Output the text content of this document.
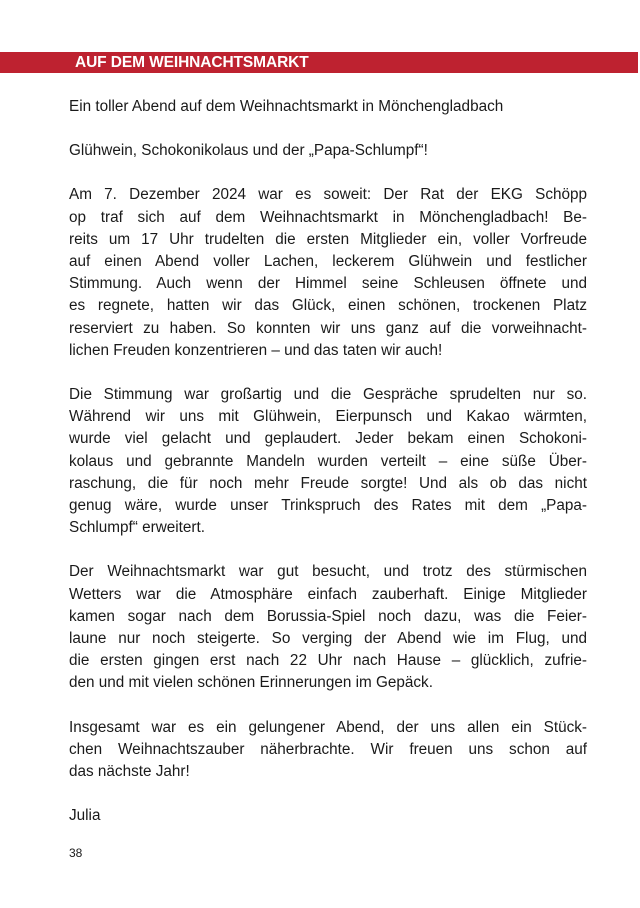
AUF DEM WEIHNACHTSMARKT

Ein toller Abend auf dem Weihnachtsmarkt in Mönchengladbach

Glühwein, Schokonikolaus und der „Papa-Schlumpf“!

Am 7. Dezember 2024 war es soweit: Der Rat der EKG Schöpp
op traf sich auf dem Weihnachtsmarkt in Mönchengladbach! Be-
reits um 17 Uhr trudelten die ersten Mitglieder ein, voller Vorfreude
auf einen Abend voller Lachen, leckerem Glühwein und festlicher
Stimmung. Auch wenn der Himmel seine Schleusen öffnete und
es regnete, hatten wir das Glück, einen schönen, trockenen Platz
reserviert zu haben. So konnten wir uns ganz auf die vorweihnacht-
lichen Freuden konzentrieren – und das taten wir auch!

Die Stimmung war großartig und die Gespräche sprudelten nur so.
Während wir uns mit Glühwein, Eierpunsch und Kakao wärmten,
wurde viel gelacht und geplaudert. Jeder bekam einen Schokoni-
kolaus und gebrannte Mandeln wurden verteilt – eine süße Über-
raschung, die für noch mehr Freude sorgte! Und als ob das nicht
genug wäre, wurde unser Trinkspruch des Rates mit dem „Papa-
Schlumpf“ erweitert.

Der Weihnachtsmarkt war gut besucht, und trotz des stürmischen
Wetters war die Atmosphäre einfach zauberhaft. Einige Mitglieder
kamen sogar nach dem Borussia-Spiel noch dazu, was die Feier-
laune nur noch steigerte. So verging der Abend wie im Flug, und
die ersten gingen erst nach 22 Uhr nach Hause – glücklich, zufrie-
den und mit vielen schönen Erinnerungen im Gepäck.

Insgesamt war es ein gelungener Abend, der uns allen ein Stück-
chen Weihnachtszauber näherbrachte. Wir freuen uns schon auf
das nächste Jahr!

Julia

38
